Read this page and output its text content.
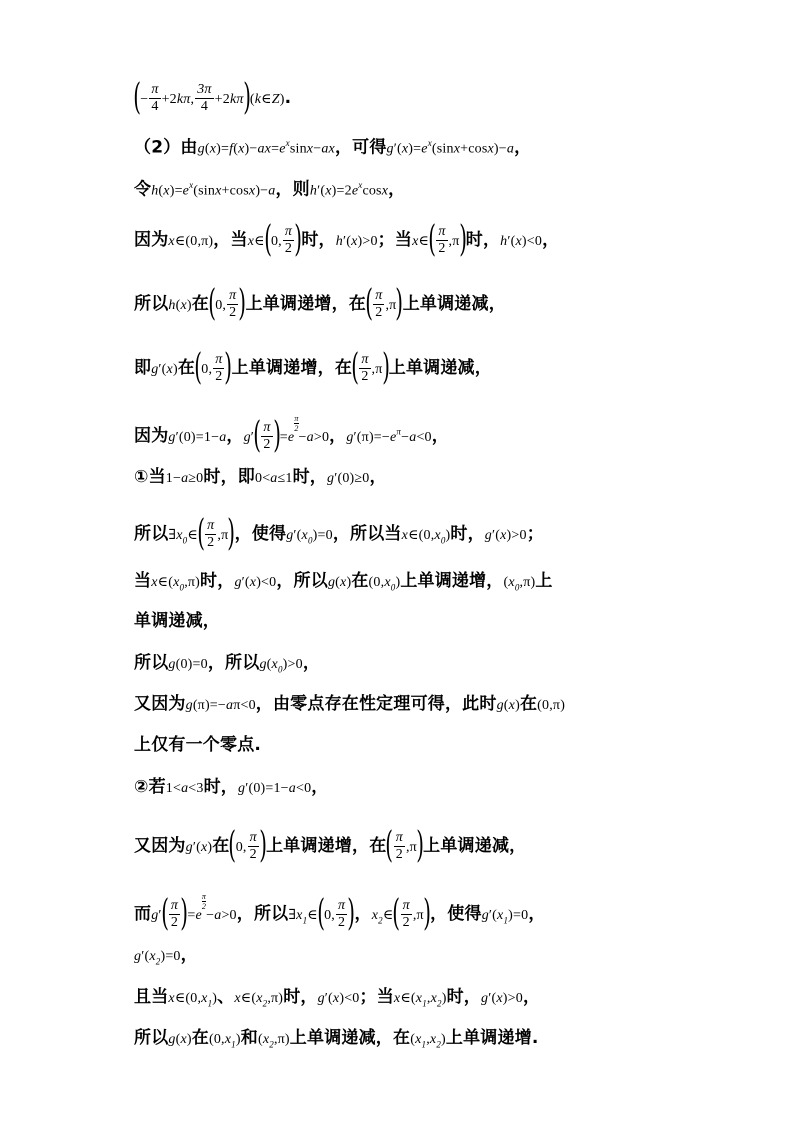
(− $\frac{\pi}{4} +2k\pi$, $\frac{3\pi}{4}$ +2kπ)(k∈Z).
（2）由$g(x)=f(x)-ax=e^x\sin x-ax$，可得$g'(x)=e^x(\sin x+\cos x)-a$，
令$h(x)=e^x(\sin x+\cos x)-a$，则$h'(x)=2e^x\cos x$，
因为x∈(0,π)，当x∈(0, $\frac{\pi}{2}$ )时，h′(x)>0；当x∈( $\frac{\pi}{2} ,\pi$)时，h′(x)<0，
所以h(x)在(0, $\frac{\pi}{2}$ )上单调递增，在( $\frac{\pi}{2} ,\pi$)上单调递减，
即g′(x)在(0, $\frac{\pi}{2}$ )上单调递增，在( $\frac{\pi}{2} ,\pi$)上单调递减，
因为g′(0)=1−a，$g'( \frac{\pi}{2} )=e\pi$
2
−a>0，$g'(\pi)=-e^\pi-a<0$，
①当1−a≥0时，即0<a≤1时，g′(0)≥0，
所以$\exists x_0\in( \frac{\pi}{2} ,\pi)$，使得$g'(x_0)=0$，所以当$x\in(0,x_0)$时，g′(x)>0；
当$x\in(x_0,\pi)$时，g′(x)<0，所以g(x)在$(0,x_0)$上单调递增，$(x_0,\pi)$上
单调递减，
所以g(0)=0，所以$g(x_0)>0$，
又因为g(π)=−aπ<0，由零点存在性定理可得，此时g(x)在(0,π)
上仅有一个零点.
②若1<a<3时，g′(0)=1−a<0，
又因为g′(x)在(0, $\frac{\pi}{2}$ )上单调递增，在( $\frac{\pi}{2} ,\pi$)上单调递减，
而$g'( \frac{\pi}{2} )=e\pi$
2
−a>0，所以$\exists x_1\in(0$, $\frac{\pi}{2}$ )，$x_2\in( \frac{\pi}{2} ,\pi)$，使得$g'(x_1)=0$，
$g'(x_2)=0$，
且当$x\in(0,x_1)$、$x\in(x_2,\pi)$时，g′(x)<0；当$x\in(x_1,x_2)$时，g′(x)>0，
所以g(x)在$(0,x_1)$和$(x_2,\pi)$上单调递减，在$(x_1,x_2)$上单调递增.
